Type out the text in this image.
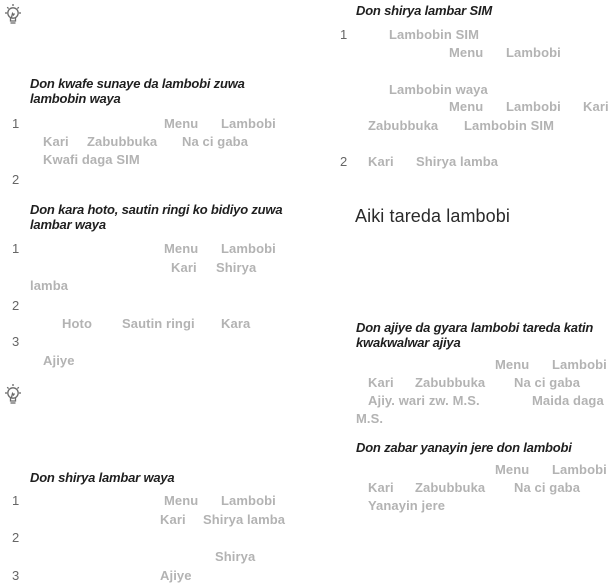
Don kwafe sunaye da lambobi zuwa lambobin waya
1	Menu Lambobi
Kari Zabubbuka Na ci gaba
Kwafi daga SIM
2
Don kara hoto, sautin ringi ko bidiyo zuwa lambar waya
1	Menu Lambobi
Kari Shirya
lamba
2
Hoto Sautin ringi Kara
3
Ajiye
Don shirya lambar waya
1	Menu Lambobi
Kari Shirya lamba
2
Shirya
3	Ajiye
Don shirya lambar SIM
1	Lambobin SIM
Menu Lambobi
Lambobin waya
Menu Lambobi Kari
Zabubbuka Lambobin SIM
2 Kari Shirya lamba
Aiki tareda lambobi
Don ajiye da gyara lambobi tareda katin kwakwalwar ajiya
Menu Lambobi
Kari Zabubbuka Na ci gaba
Ajiy. wari zw. M.S.	Maida daga
M.S.
Don zabar yanayin jere don lambobi
Menu Lambobi
Kari Zabubbuka Na ci gaba
Yanayin jere
